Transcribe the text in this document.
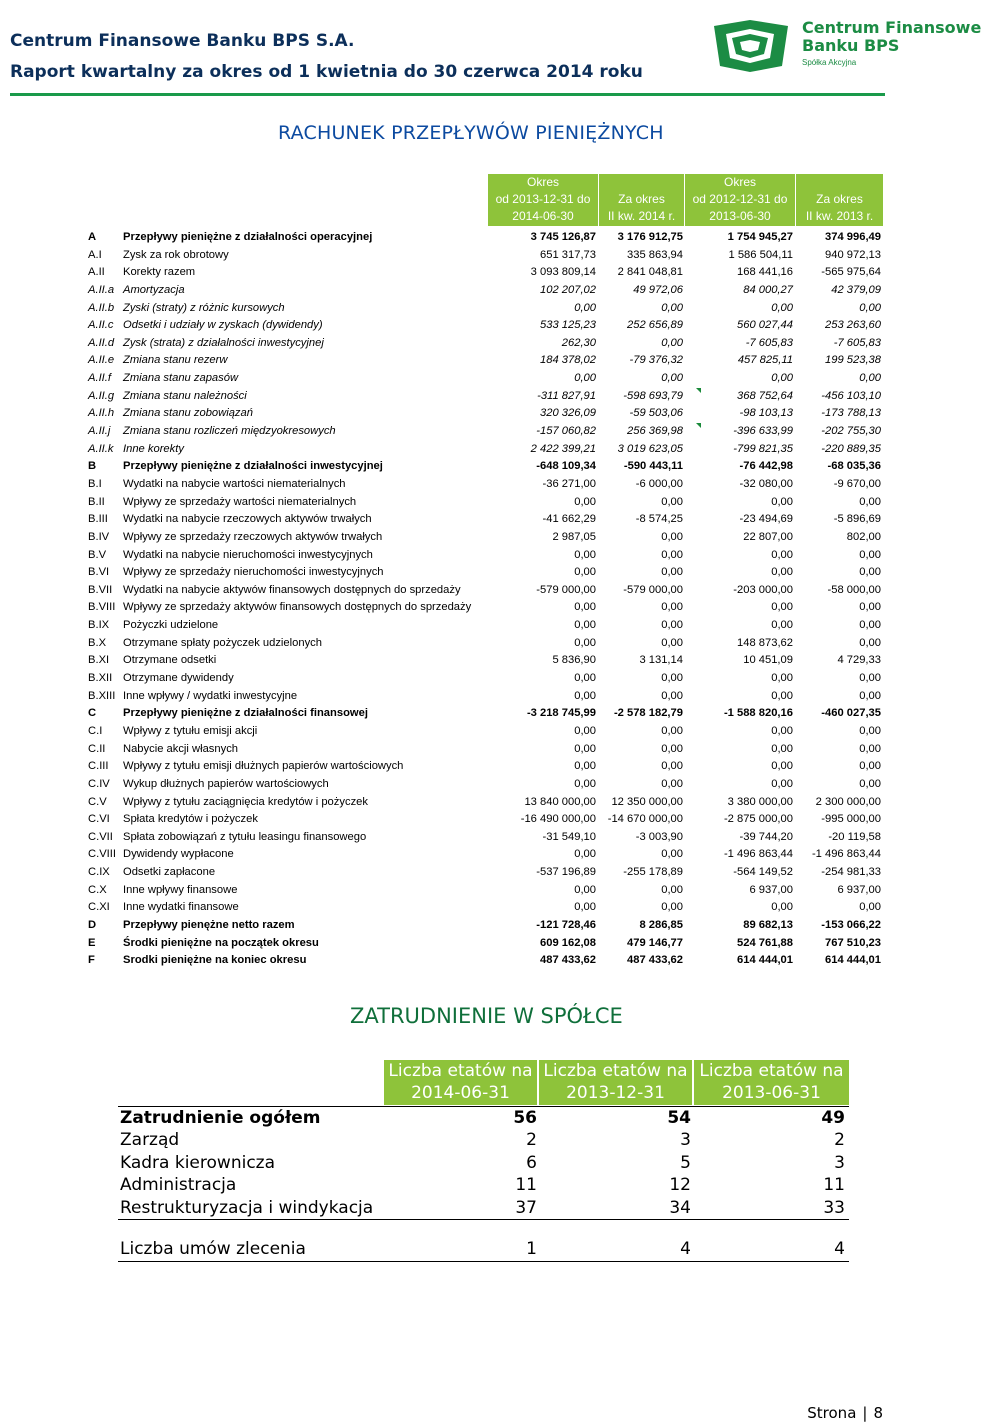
Centrum Finansowe Banku BPS S.A.
Raport kwartalny za okres od 1 kwietnia do 30 czerwca 2014 roku
Centrum Finansowe
Banku BPS
Spółka Akcyjna
RACHUNEK PRZEPŁYWÓW PIENIĘŻNYCH
Okres
od 2013-12-31 do
2014-06-30

Za okres
II kw. 2014 r.
Okres
od 2012-12-31 do
2013-06-30

Za okres
II kw. 2013 r.
A	Przepływy pieniężne z działalności operacyjnej	3 745 126,87	3 176 912,75	1 754 945,27	374 996,49
A.I	Zysk za rok obrotowy	651 317,73	335 863,94	1 586 504,11	940 972,13
A.II	Korekty razem	3 093 809,14	2 841 048,81	168 441,16	-565 975,64
A.II.a Amortyzacja	102 207,02	49 972,06	84 000,27	42 379,09
A.II.b Zyski (straty) z różnic kursowych	0,00	0,00	0,00	0,00
A.II.c Odsetki i udziały w zyskach (dywidendy)	533 125,23	252 656,89	560 027,44	253 263,60
A.II.d Zysk (strata) z działalności inwestycyjnej	262,30	0,00	-7 605,83	-7 605,83
A.II.e Zmiana stanu rezerw	184 378,02	-79 376,32	457 825,11	199 523,38
A.II.f	Zmiana stanu zapasów	0,00	0,00	0,00	0,00
A.II.g Zmiana stanu należności	-311 827,91	-598 693,79	368 752,64	-456 103,10
A.II.h Zmiana stanu zobowiązań	320 326,09	-59 503,06	-98 103,13	-173 788,13
A.II.j	Zmiana stanu rozliczeń międzyokresowych	-157 060,82	256 369,98	-396 633,99	-202 755,30
A.II.k Inne korekty	2 422 399,21	3 019 623,05	-799 821,35	-220 889,35
B	Przepływy pieniężne z działalności inwestycyjnej	-648 109,34	-590 443,11	-76 442,98	-68 035,36
B.I	Wydatki na nabycie wartości niematerialnych	-36 271,00	-6 000,00	-32 080,00	-9 670,00
B.II	Wpływy ze sprzedaży wartości niematerialnych	0,00	0,00	0,00	0,00
B.III	Wydatki na nabycie rzeczowych aktywów trwałych	-41 662,29	-8 574,25	-23 494,69	-5 896,69
B.IV	Wpływy ze sprzedaży rzeczowych aktywów trwałych	2 987,05	0,00	22 807,00	802,00
B.V	Wydatki na nabycie nieruchomości inwestycyjnych	0,00	0,00	0,00	0,00
B.VI	Wpływy ze sprzedaży nieruchomości inwestycyjnych	0,00	0,00	0,00	0,00
B.VII Wydatki na nabycie aktywów finansowych dostępnych do sprzedaży	-579 000,00	-579 000,00	-203 000,00	-58 000,00
B.VIII Wpływy ze sprzedaży aktywów finansowych dostępnych do sprzedaży	0,00	0,00	0,00	0,00
B.IX	Pożyczki udzielone	0,00	0,00	0,00	0,00
B.X	Otrzymane spłaty pożyczek udzielonych	0,00	0,00	148 873,62	0,00
B.XI	Otrzymane odsetki	5 836,90	3 131,14	10 451,09	4 729,33
B.XII Otrzymane dywidendy	0,00	0,00	0,00	0,00
B.XIII Inne wpływy / wydatki inwestycyjne	0,00	0,00	0,00	0,00
C	Przepływy pieniężne z działalności finansowej	-3 218 745,99	-2 578 182,79	-1 588 820,16	-460 027,35
C.I	Wpływy z tytułu emisji akcji	0,00	0,00	0,00	0,00
C.II	Nabycie akcji własnych	0,00	0,00	0,00	0,00
C.III	Wpływy z tytułu emisji dłużnych papierów wartościowych	0,00	0,00	0,00	0,00
C.IV	Wykup dłużnych papierów wartościowych	0,00	0,00	0,00	0,00
C.V	Wpływy z tytułu zaciągnięcia kredytów i pożyczek	13 840 000,00	12 350 000,00	3 380 000,00	2 300 000,00
C.VI	Spłata kredytów i pożyczek	-16 490 000,00	-14 670 000,00	-2 875 000,00	-995 000,00
C.VII Spłata zobowiązań z tytułu leasingu finansowego	-31 549,10	-3 003,90	-39 744,20	-20 119,58
C.VIII Dywidendy wypłacone	0,00	0,00	-1 496 863,44	-1 496 863,44
C.IX	Odsetki zapłacone	-537 196,89	-255 178,89	-564 149,52	-254 981,33
C.X	Inne wpływy finansowe	0,00	0,00	6 937,00	6 937,00
C.XI	Inne wydatki finansowe	0,00	0,00	0,00	0,00
D	Przepływy pienężne netto razem	-121 728,46	8 286,85	89 682,13	-153 066,22
E	Środki pieniężne na początek okresu	609 162,08	479 146,77	524 761,88	767 510,23
F	Srodki pieniężne na koniec okresu	487 433,62	487 433,62	614 444,01	614 444,01
ZATRUDNIENIE W SPÓŁCE
Liczba etatów na
2014-06-31
Liczba etatów na
2013-12-31
Liczba etatów na
2013-06-31
Zatrudnienie ogółem	56	54	49
Zarząd	2	3	2
Kadra kierownicza	6	5	3
Administracja	11	12	11
Restrukturyzacja i windykacja	37	34	33
Liczba umów zlecenia	1	4	4
Strona | 8
